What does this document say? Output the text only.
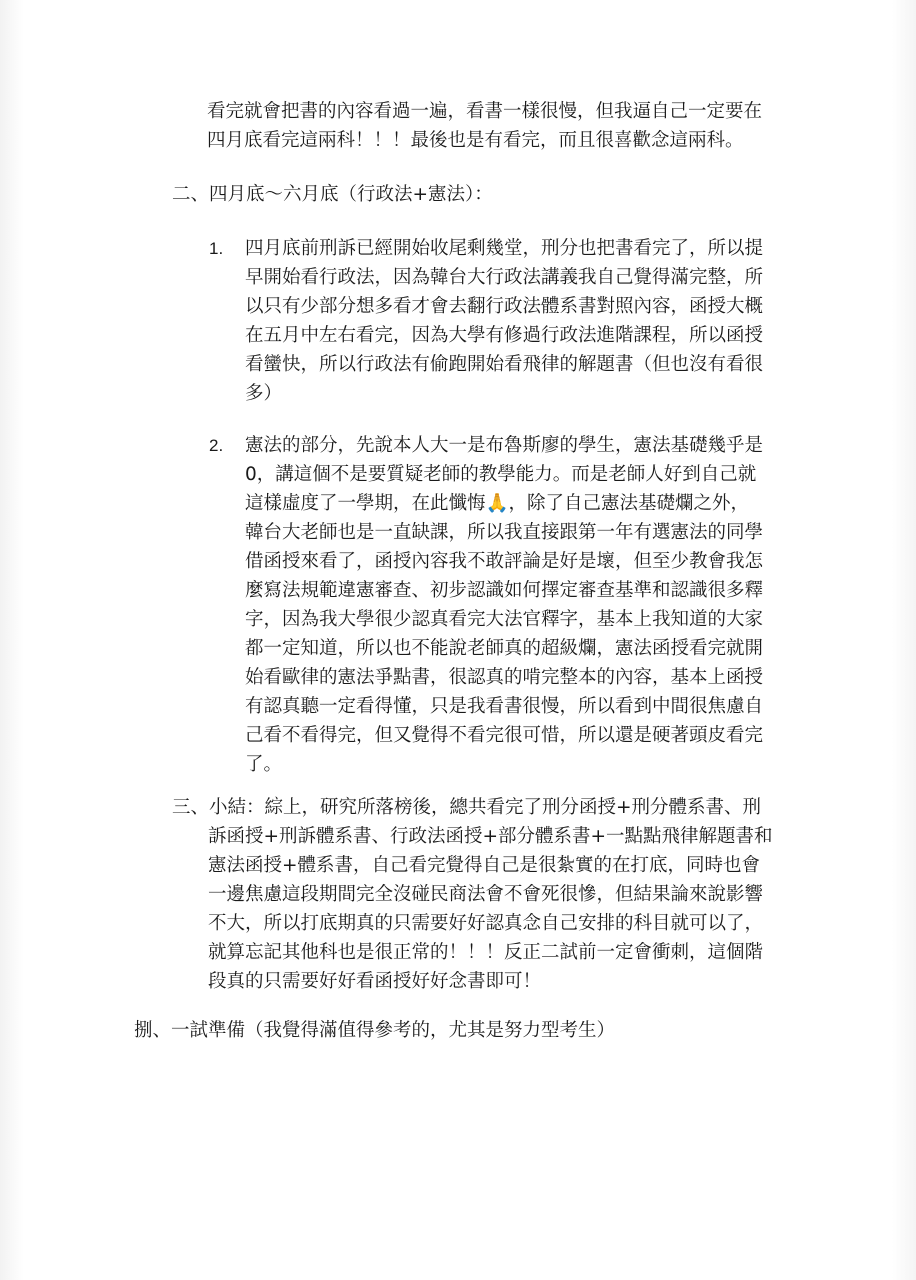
看完就會把書的內容看過一遍，看書一樣很慢，但我逼自己一定要在
四月底看完這兩科！！！最後也是有看完，而且很喜歡念這兩科。
二、四月底～六月底（行政法+憲法）：
1. 四月底前刑訴已經開始收尾剩幾堂，刑分也把書看完了，所以提
早開始看行政法，因為韓台大行政法講義我自己覺得滿完整，所
以只有少部分想多看才會去翻行政法體系書對照內容，函授大概
在五月中左右看完，因為大學有修過行政法進階課程，所以函授
看蠻快，所以行政法有偷跑開始看飛律的解題書（但也沒有看很
多）
2. 憲法的部分，先說本人大一是布魯斯廖的學生，憲法基礎幾乎是
0，講這個不是要質疑老師的教學能力。而是老師人好到自己就
這樣虛度了一學期，在此懺悔🙏，除了自己憲法基礎爛之外，
韓台大老師也是一直缺課，所以我直接跟第一年有選憲法的同學
借函授來看了，函授內容我不敢評論是好是壞，但至少教會我怎
麼寫法規範違憲審查、初步認識如何擇定審查基準和認識很多釋
字，因為我大學很少認真看完大法官釋字，基本上我知道的大家
都一定知道，所以也不能說老師真的超級爛，憲法函授看完就開
始看歐律的憲法爭點書，很認真的啃完整本的內容，基本上函授
有認真聽一定看得懂，只是我看書很慢，所以看到中間很焦慮自
己看不看得完，但又覺得不看完很可惜，所以還是硬著頭皮看完
了。
三、小結：綜上，研究所落榜後，總共看完了刑分函授+刑分體系書、刑
訴函授+刑訴體系書、行政法函授+部分體系書+一點點飛律解題書和
憲法函授+體系書，自己看完覺得自己是很紮實的在打底，同時也會
一邊焦慮這段期間完全沒碰民商法會不會死很慘，但結果論來說影響
不大，所以打底期真的只需要好好認真念自己安排的科目就可以了，
就算忘記其他科也是很正常的！！！反正二試前一定會衝刺，這個階
段真的只需要好好看函授好好念書即可！
捌、一試準備（我覺得滿值得參考的，尤其是努力型考生）
